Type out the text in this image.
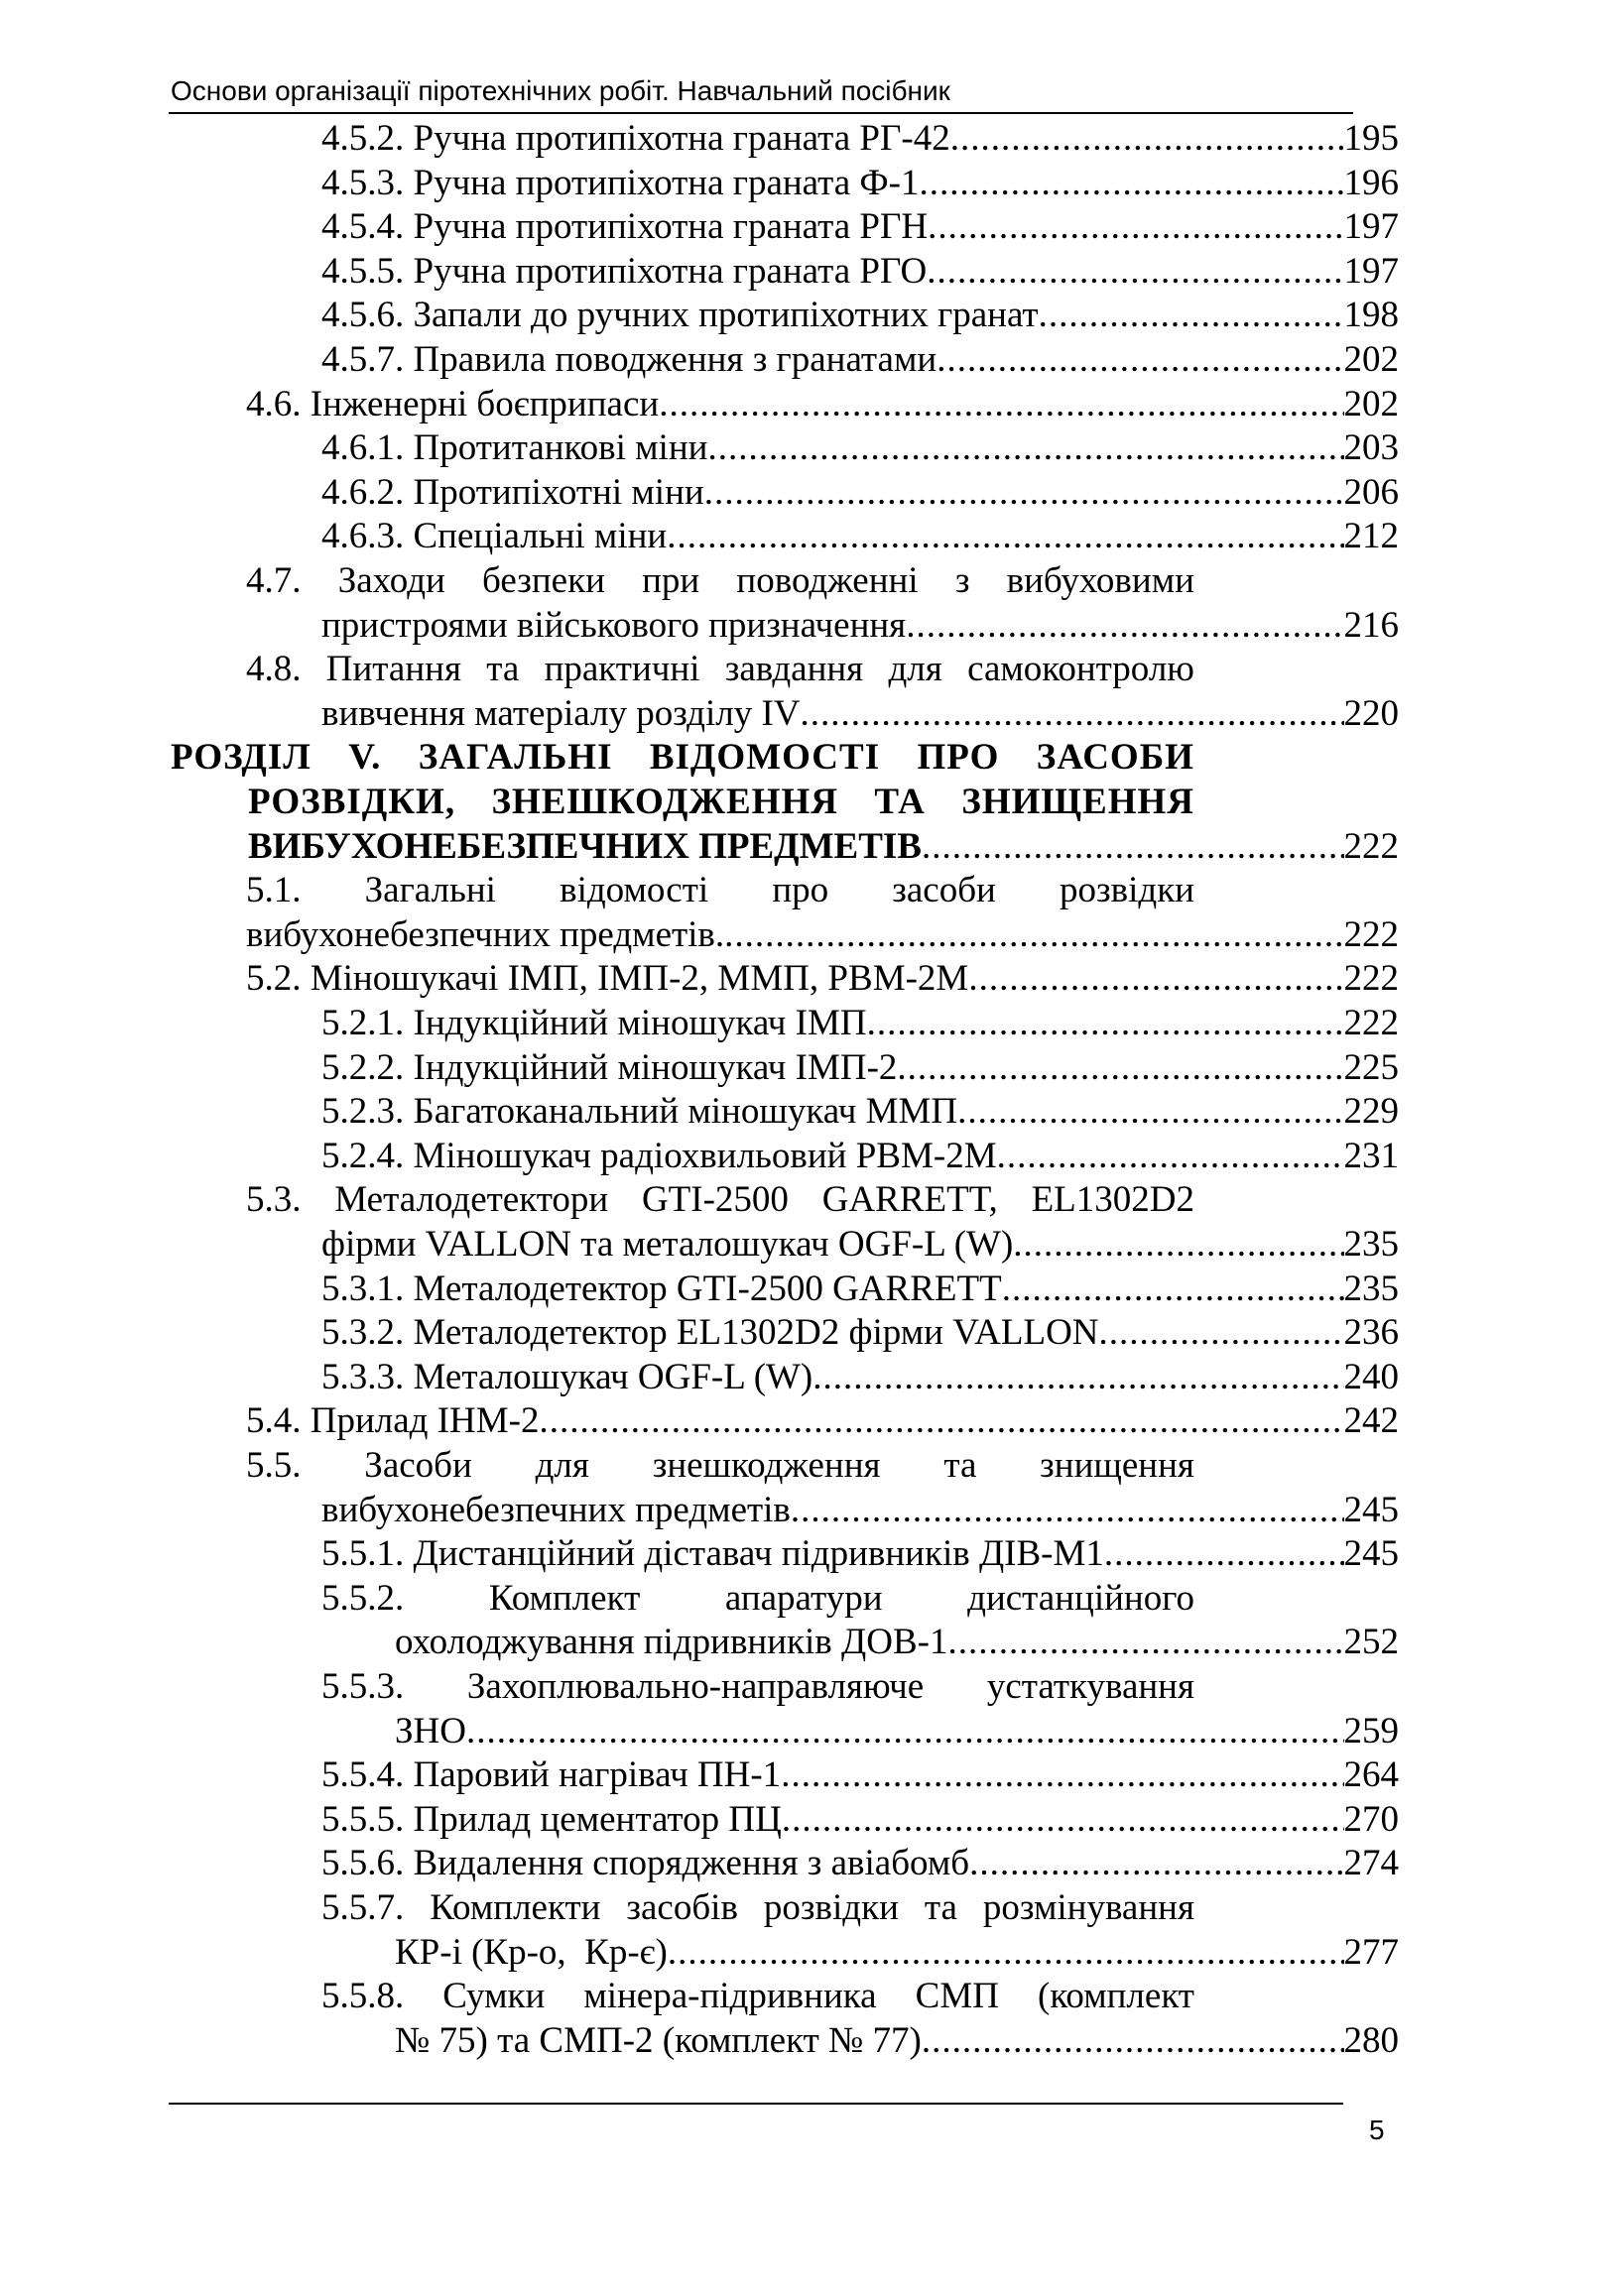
Основи організації піротехнічних робіт. Навчальний посібник
4.5.2. Ручна протипіхотна граната РГ-42 .....	195
4.5.3. Ручна протипіхотна граната Ф-1 .....	196
4.5.4. Ручна протипіхотна граната РГН .....	197
4.5.5. Ручна протипіхотна граната РГО .....	197
4.5.6. Запали до ручних протипіхотних гранат .....	198
4.5.7. Правила поводження з гранатами .....	202
4.6. Інженерні боєприпаси .....	202
4.6.1. Протитанкові міни .....	203
4.6.2. Протипіхотні міни .....	206
4.6.3. Спеціальні міни .....	212
4.7. Заходи безпеки при поводженні з вибуховими
пристроями військового призначення .....	216
4.8. Питання та практичні завдання для самоконтролю
вивчення матеріалу розділу IV .....	220
РОЗДІЛ V. ЗАГАЛЬНІ ВІДОМОСТІ ПРО ЗАСОБИ
РОЗВІДКИ, ЗНЕШКОДЖЕННЯ ТА ЗНИЩЕННЯ
ВИБУХОНЕБЕЗПЕЧНИХ ПРЕДМЕТІВ .....	222
5.1. Загальні відомості про засоби розвідки
вибухонебезпечних предметів. .....	222
5.2. Міношукачі ІМП, ІМП-2, ММП, РВМ-2М .....	222
5.2.1. Індукційний міношукач ІМП .....	222
5.2.2. Індукційний міношукач ІМП-2 .....	225
5.2.3. Багатоканальний міношукач ММП .....	229
5.2.4. Міношукач радіохвильовий РВМ-2М .....	231
5.3. Металодетектори GTI-2500 GARRETT, EL1302D2
фірми VALLON та металошукач OGF-L (W) .....	235
5.3.1. Металодетектор GTI-2500 GARRETT .....	235
5.3.2. Металодетектор EL1302D2 фірми VALLON .....	236
5.3.3. Металошукач OGF-L (W) .....	240
5.4. Прилад ІНМ-2 .....	242
5.5. Засоби для знешкодження та знищення
вибухонебезпечних предметів .....	245
5.5.1. Дистанційний діставач підривників ДІВ-М1 .....	245
5.5.2. Комплект апаратури дистанційного
охолоджування підривників ДОВ-1 .....	252
5.5.3. Захоплювально-направляюче устаткування
ЗНО .....	259
5.5.4. Паровий нагрівач ПН-1 .....	264
5.5.5. Прилад цементатор ПЦ .....	270
5.5.6. Видалення спорядження з авіабомб .....	274
5.5.7. Комплекти засобів розвідки та розмінування
КР-і (Кр-о,  Кр-є) .....	277
5.5.8. Сумки мінера-підривника СМП (комплект
№ 75) та СМП-2 (комплект № 77) .....	280
5
